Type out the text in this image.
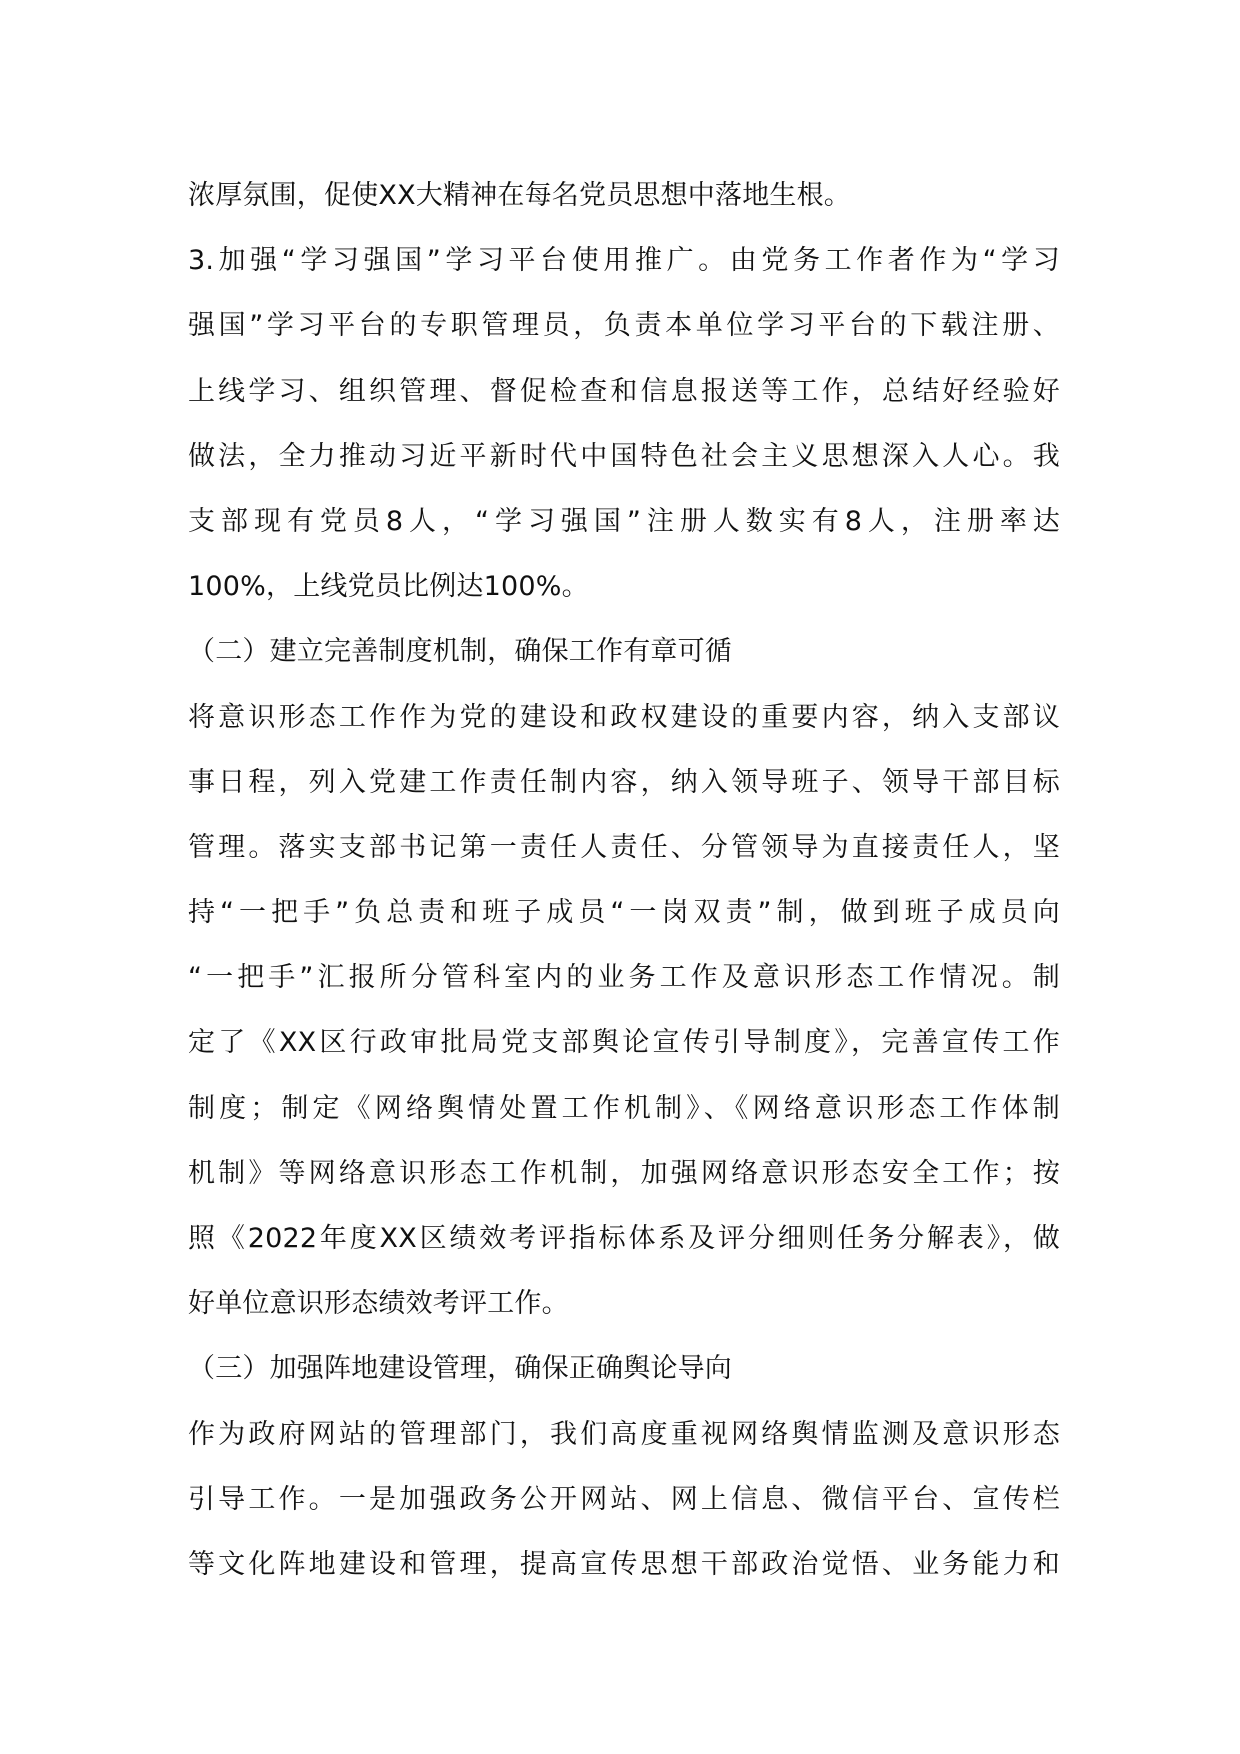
浓厚氛围，促使XX大精神在每名党员思想中落地生根。
3.加强“学习强国”学习平台使用推广。由党务工作者作为“学习
强国”学习平台的专职管理员，负责本单位学习平台的下载注册、
上线学习、组织管理、督促检查和信息报送等工作，总结好经验好
做法，全力推动习近平新时代中国特色社会主义思想深入人心。我
支部现有党员8人，“学习强国”注册人数实有8人，注册率达
100%，上线党员比例达100%。
（二）建立完善制度机制，确保工作有章可循
将意识形态工作作为党的建设和政权建设的重要内容，纳入支部议
事日程，列入党建工作责任制内容，纳入领导班子、领导干部目标
管理。落实支部书记第一责任人责任、分管领导为直接责任人，坚
持“一把手”负总责和班子成员“一岗双责”制，做到班子成员向
“一把手”汇报所分管科室内的业务工作及意识形态工作情况。制
定了《XX区行政审批局党支部舆论宣传引导制度》，完善宣传工作
制度；制定《网络舆情处置工作机制》、《网络意识形态工作体制
机制》等网络意识形态工作机制，加强网络意识形态安全工作；按
照《2022年度XX区绩效考评指标体系及评分细则任务分解表》，做
好单位意识形态绩效考评工作。
（三）加强阵地建设管理，确保正确舆论导向
作为政府网站的管理部门，我们高度重视网络舆情监测及意识形态
引导工作。一是加强政务公开网站、网上信息、微信平台、宣传栏
等文化阵地建设和管理，提高宣传思想干部政治觉悟、业务能力和
